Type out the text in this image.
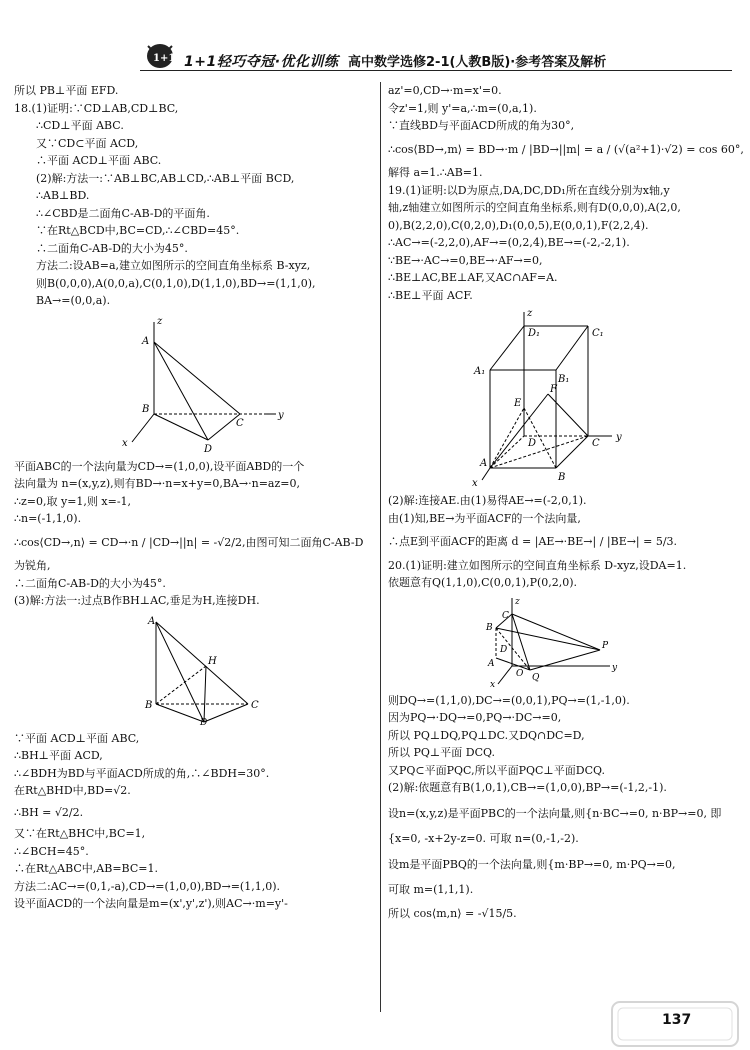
1+1 1+1轻巧夺冠·优化训练 高中数学选修2-1(人教B版)·参考答案及解析
所以 PB⊥平面 EFD.
18.(1)证明:∵CD⊥AB,CD⊥BC,
∴CD⊥平面 ABC.
又∵CD⊂平面 ACD,
∴平面 ACD⊥平面 ABC.
(2)解:方法一:∵AB⊥BC,AB⊥CD,∴AB⊥平面 BCD,
∴AB⊥BD.
∴∠CBD是二面角C-AB-D的平面角.
∵在Rt△BCD中,BC=CD,∴∠CBD=45°.
∴二面角C-AB-D的大小为45°.
方法二:设AB=a,建立如图所示的空间直角坐标系 B-xyz,
则B(0,0,0),A(0,0,a),C(0,1,0),D(1,1,0),BD→=(1,1,0),
BA→=(0,0,a).
z
A
B
C
y
x
D
平面ABC的一个法向量为CD→=(1,0,0),设平面ABD的一个
法向量为 n=(x,y,z),则有BD→·n=x+y=0,BA→·n=az=0,
∴z=0,取 y=1,则 x=-1,
∴n=(-1,1,0).
∴cos⟨CD→,n⟩ = CD→·n / |CD→||n| = -√2/2,由图可知二面角C-AB-D
为锐角,
∴二面角C-AB-D的大小为45°.
(3)解:方法一:过点B作BH⊥AC,垂足为H,连接DH.
A
H
B	C
D
∵平面 ACD⊥平面 ABC,
∴BH⊥平面 ACD,
∴∠BDH为BD与平面ACD所成的角,∴∠BDH=30°.
在Rt△BHD中,BD=√2.
∴BH = √2/2.
又∵在Rt△BHC中,BC=1,
∴∠BCH=45°.
∴在Rt△ABC中,AB=BC=1.
方法二:AC→=(0,1,-a),CD→=(1,0,0),BD→=(1,1,0).
设平面ACD的一个法向量是m=(x',y',z'),则AC→·m=y'-
az'=0,CD→·m=x'=0.
令z'=1,则 y'=a,∴m=(0,a,1).
∵直线BD与平面ACD所成的角为30°,
∴cos⟨BD→,m⟩ = BD→·m / |BD→||m| = a / (√(a²+1)·√2) = cos 60°,
解得 a=1.∴AB=1.
19.(1)证明:以D为原点,DA,DC,DD₁所在直线分别为x轴,y
轴,z轴建立如图所示的空间直角坐标系,则有D(0,0,0),A(2,0,
0),B(2,2,0),C(0,2,0),D₁(0,0,5),E(0,0,1),F(2,2,4).
∴AC→=(-2,2,0),AF→=(0,2,4),BE→=(-2,-2,1).
∵BE→·AC→=0,BE→·AF→=0,
∴BE⊥AC,BE⊥AF,又AC∩AF=A.
∴BE⊥平面 ACF.
z
D₁	C₁
A₁
B₁
F
E
D	C
y
A
B
x
(2)解:连接AE.由(1)易得AE→=(-2,0,1).
由(1)知,BE→为平面ACF的一个法向量,
∴点E到平面ACF的距离 d = |AE→·BE→| / |BE→| = 5/3.
20.(1)证明:建立如图所示的空间直角坐标系 D-xyz,设DA=1.
依题意有Q(1,1,0),C(0,0,1),P(0,2,0).
z
C
B
D
A
O Q
P
y
x
则DQ→=(1,1,0),DC→=(0,0,1),PQ→=(1,-1,0).
因为PQ→·DQ→=0,PQ→·DC→=0,
所以 PQ⊥DQ,PQ⊥DC.又DQ∩DC=D,
所以 PQ⊥平面 DCQ.
又PQ⊂平面PQC,所以平面PQC⊥平面DCQ.
(2)解:依题意有B(1,0,1),CB→=(1,0,0),BP→=(-1,2,-1).
设n=(x,y,z)是平面PBC的一个法向量,则{n·BC→=0, n·BP→=0, 即
{x=0, -x+2y-z=0. 可取 n=(0,-1,-2).
设m是平面PBQ的一个法向量,则{m·BP→=0, m·PQ→=0,
可取 m=(1,1,1).
所以 cos⟨m,n⟩ = -√15/5.
137
